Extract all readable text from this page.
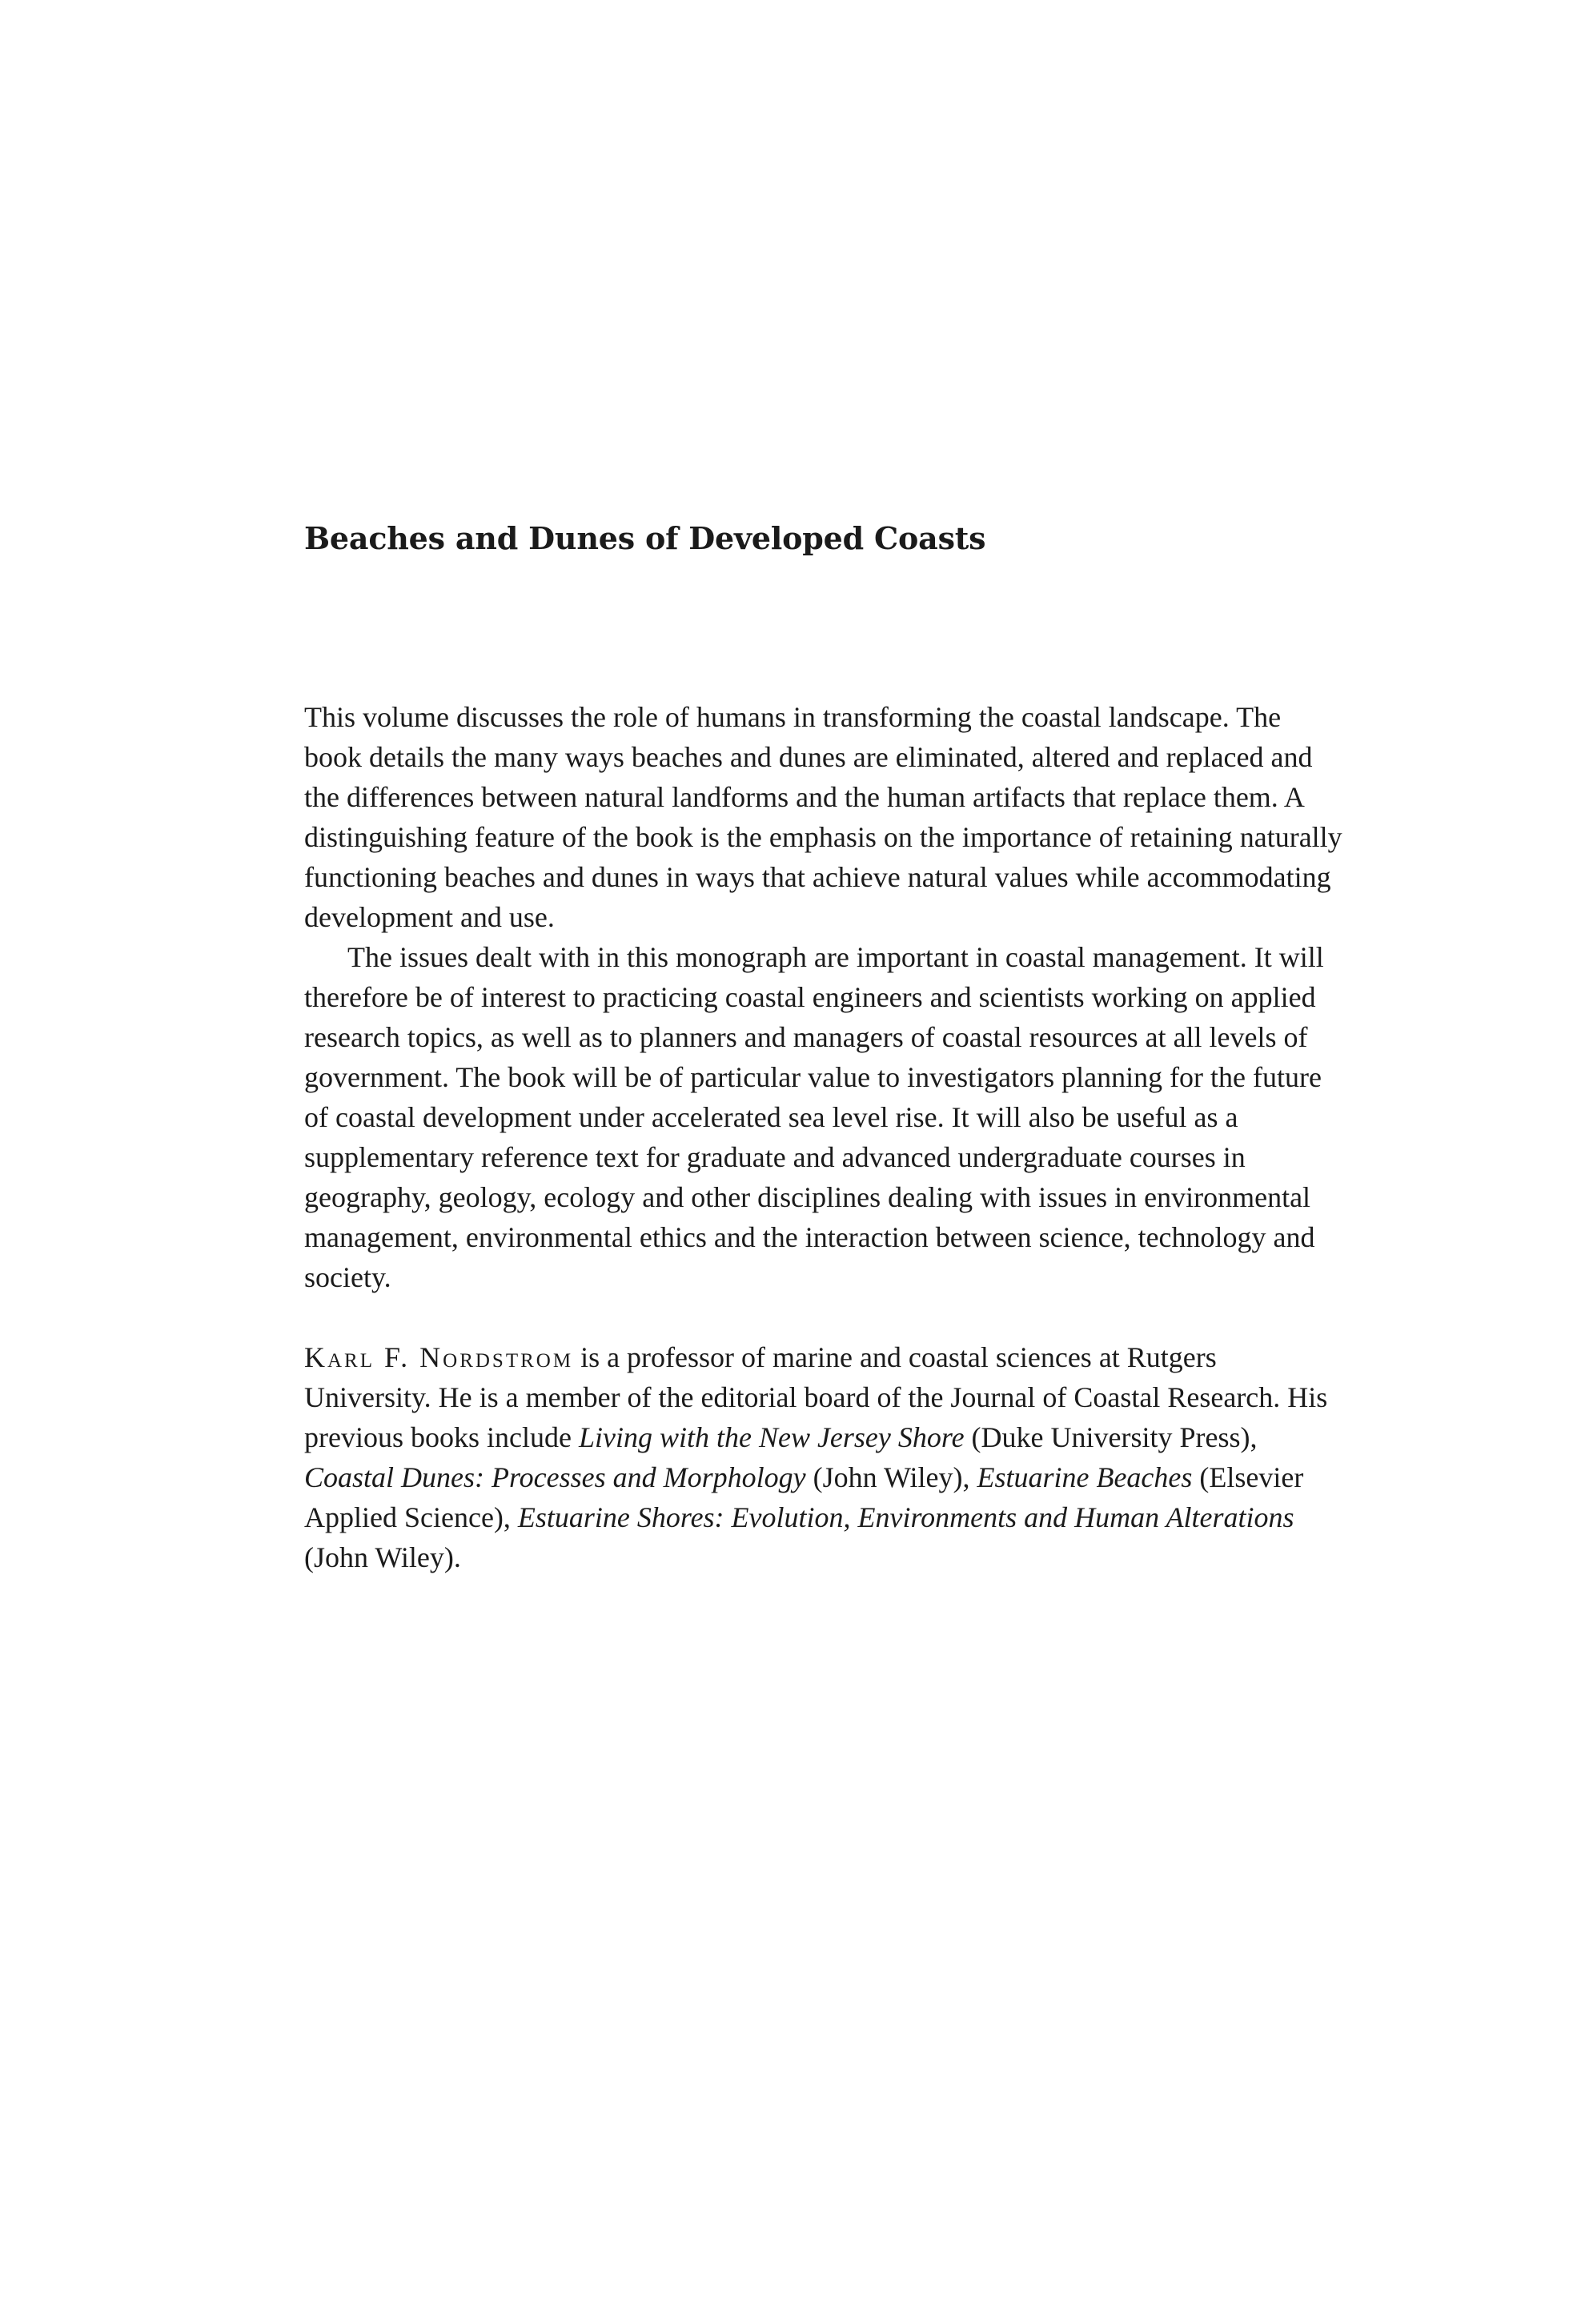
Beaches and Dunes of Developed Coasts

This volume discusses the role of humans in transforming the coastal landscape. The book details the many ways beaches and dunes are eliminated, altered and replaced and the differences between natural landforms and the human artifacts that replace them. A distinguishing feature of the book is the emphasis on the importance of retaining naturally functioning beaches and dunes in ways that achieve natural values while accommodating development and use.

The issues dealt with in this monograph are important in coastal management. It will therefore be of interest to practicing coastal engineers and scientists working on applied research topics, as well as to planners and managers of coastal resources at all levels of government. The book will be of particular value to investigators planning for the future of coastal development under accelerated sea level rise. It will also be useful as a supplementary reference text for graduate and advanced undergraduate courses in geography, geology, ecology and other disciplines dealing with issues in environmental management, environmental ethics and the interaction between science, technology and society.

Karl F. Nordstrom is a professor of marine and coastal sciences at Rutgers University. He is a member of the editorial board of the Journal of Coastal Research. His previous books include Living with the New Jersey Shore (Duke University Press), Coastal Dunes: Processes and Morphology (John Wiley), Estuarine Beaches (Elsevier Applied Science), Estuarine Shores: Evolution, Environments and Human Alterations (John Wiley).
